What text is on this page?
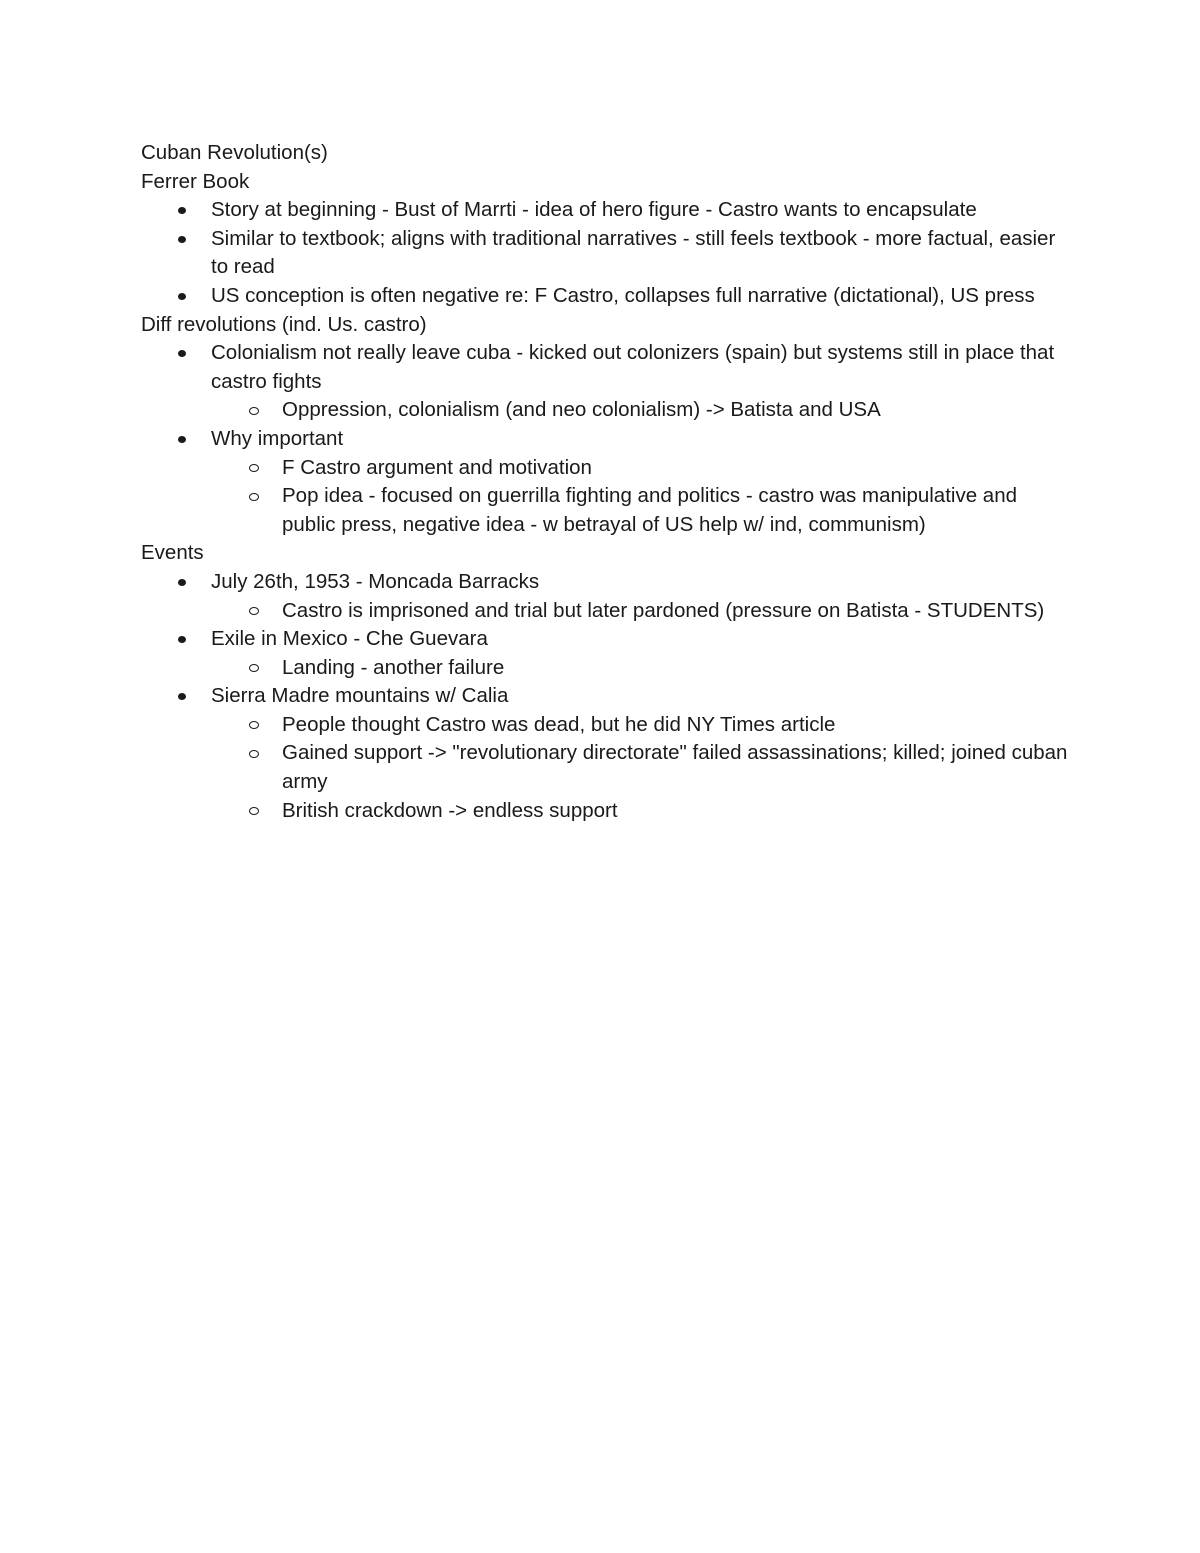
Cuban Revolution(s)
Ferrer Book
Story at beginning - Bust of Marrti - idea of hero figure - Castro wants to encapsulate
Similar to textbook; aligns with traditional narratives - still feels textbook - more factual, easier to read
US conception is often negative re: F Castro, collapses full narrative (dictational), US press
Diff revolutions (ind. Us. castro)
Colonialism not really leave cuba - kicked out colonizers (spain) but systems still in place that castro fights
Oppression, colonialism (and neo colonialism) -> Batista and USA
Why important
F Castro argument and motivation
Pop idea - focused on guerrilla fighting and politics - castro was manipulative and public press, negative idea - w betrayal of US help w/ ind, communism)
Events
July 26th, 1953 - Moncada Barracks
Castro is imprisoned and trial but later pardoned (pressure on Batista - STUDENTS)
Exile in Mexico - Che Guevara
Landing - another failure
Sierra Madre mountains w/ Calia
People thought Castro was dead, but he did NY Times article
Gained support -> "revolutionary directorate" failed assassinations; killed; joined cuban army
British crackdown -> endless support
